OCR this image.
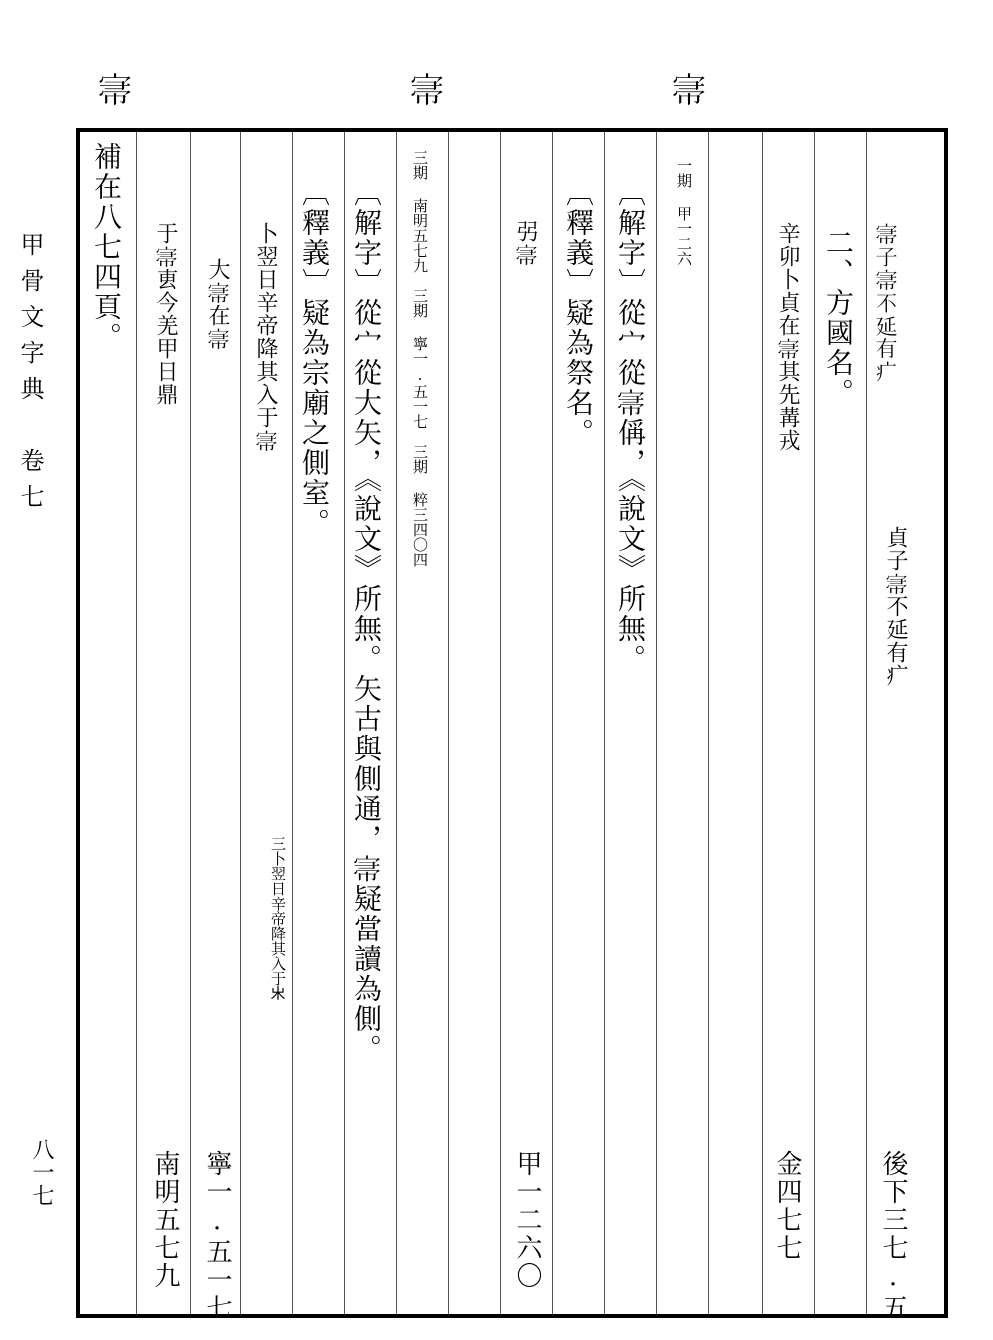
𡨦	𡨦	𡨦
甲骨文字典　卷七
八一七
𡨦子𡨦不延有疒
貞子𡨦不延有疒
後下三七.五
二、方國名。
辛卯卜貞在𡨦其先冓戎
金四七七
一期 甲一二六
〔解字〕從宀從𡨦偁，《說文》所無。
〔釋義〕疑為祭名。
弜𡨦
甲一二六〇
三期 南明五七九　三期 寧一.五一七　三期 粹三四〇四
〔解字〕從宀從大矢，《說文》所無。矢古與側通，𡨦疑當讀為側。
〔釋義〕疑為宗廟之側室。
卜翌日辛帝降其入于𡨦
三卜翌日辛帝降其入于𣎵
大𡨦在𡨦
寧一.五一七
于𡨦叀今羌甲日鼎
南明五七九
補在八七四頁。
